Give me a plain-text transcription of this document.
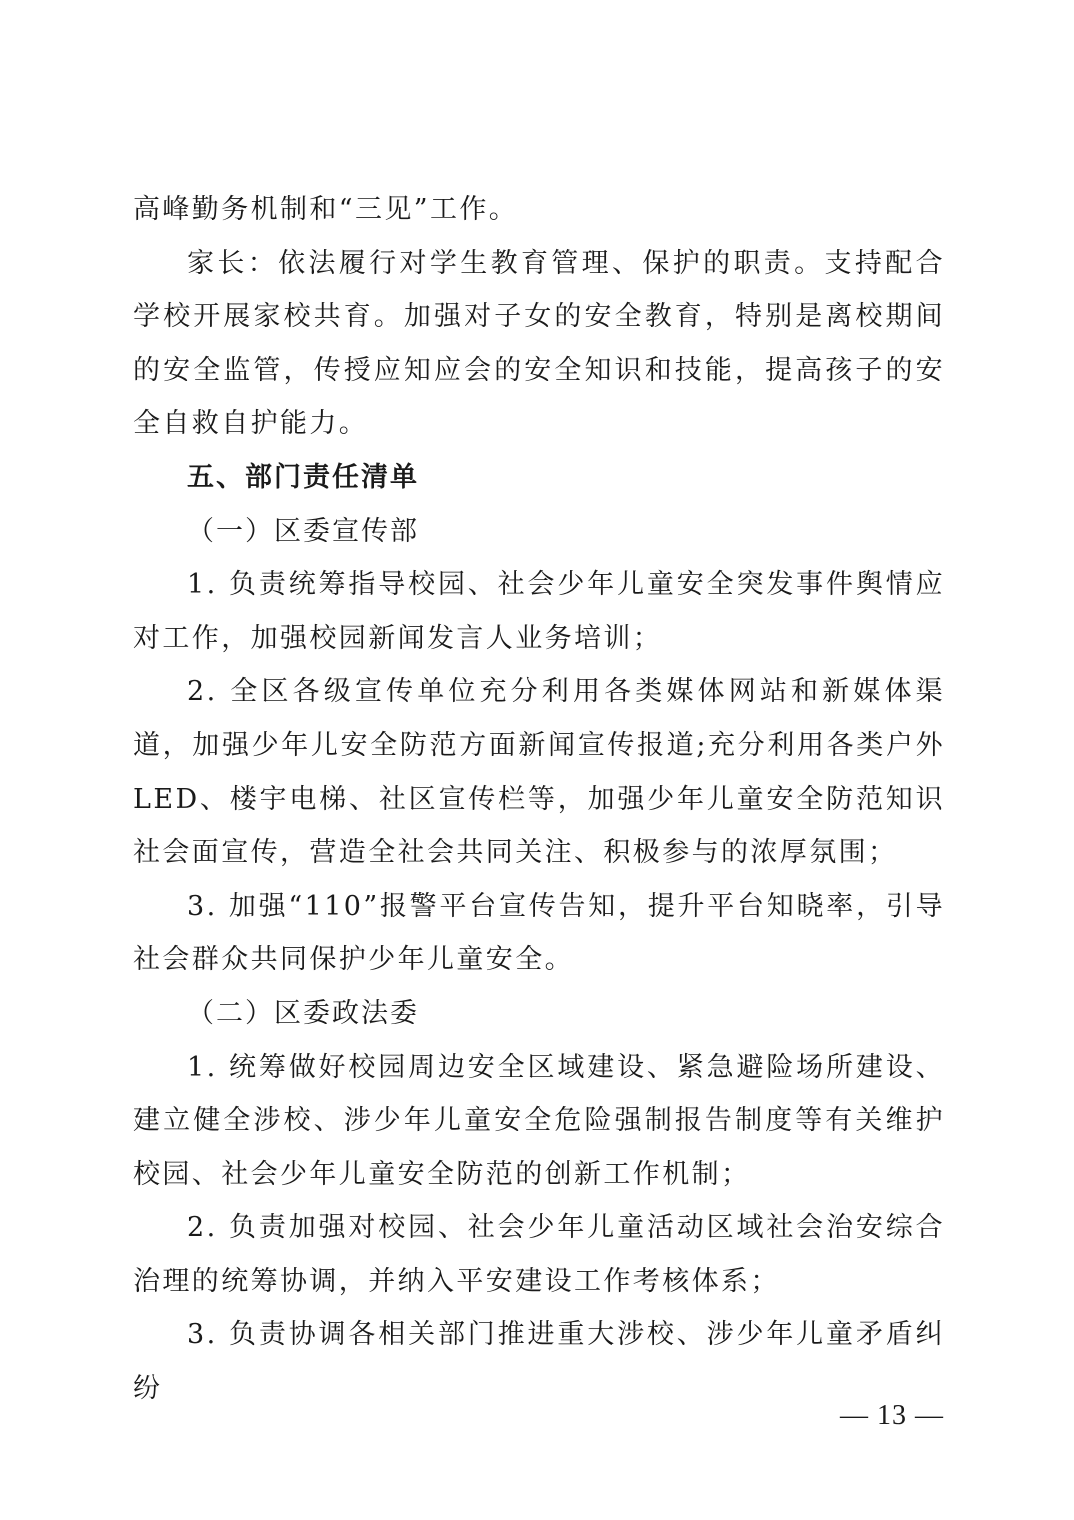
高峰勤务机制和“三见”工作。

家长：依法履行对学生教育管理、保护的职责。支持配合学校开展家校共育。加强对子女的安全教育，特别是离校期间的安全监管，传授应知应会的安全知识和技能，提高孩子的安全自救自护能力。

五、部门责任清单

（一）区委宣传部

1. 负责统筹指导校园、社会少年儿童安全突发事件舆情应对工作，加强校园新闻发言人业务培训；

2. 全区各级宣传单位充分利用各类媒体网站和新媒体渠道，加强少年儿安全防范方面新闻宣传报道;充分利用各类户外LED、楼宇电梯、社区宣传栏等，加强少年儿童安全防范知识社会面宣传，营造全社会共同关注、积极参与的浓厚氛围；

3. 加强“110”报警平台宣传告知，提升平台知晓率，引导社会群众共同保护少年儿童安全。

（二）区委政法委

1. 统筹做好校园周边安全区域建设、紧急避险场所建设、建立健全涉校、涉少年儿童安全危险强制报告制度等有关维护校园、社会少年儿童安全防范的创新工作机制；

2. 负责加强对校园、社会少年儿童活动区域社会治安综合治理的统筹协调，并纳入平安建设工作考核体系；

3. 负责协调各相关部门推进重大涉校、涉少年儿童矛盾纠纷

— 13 —
